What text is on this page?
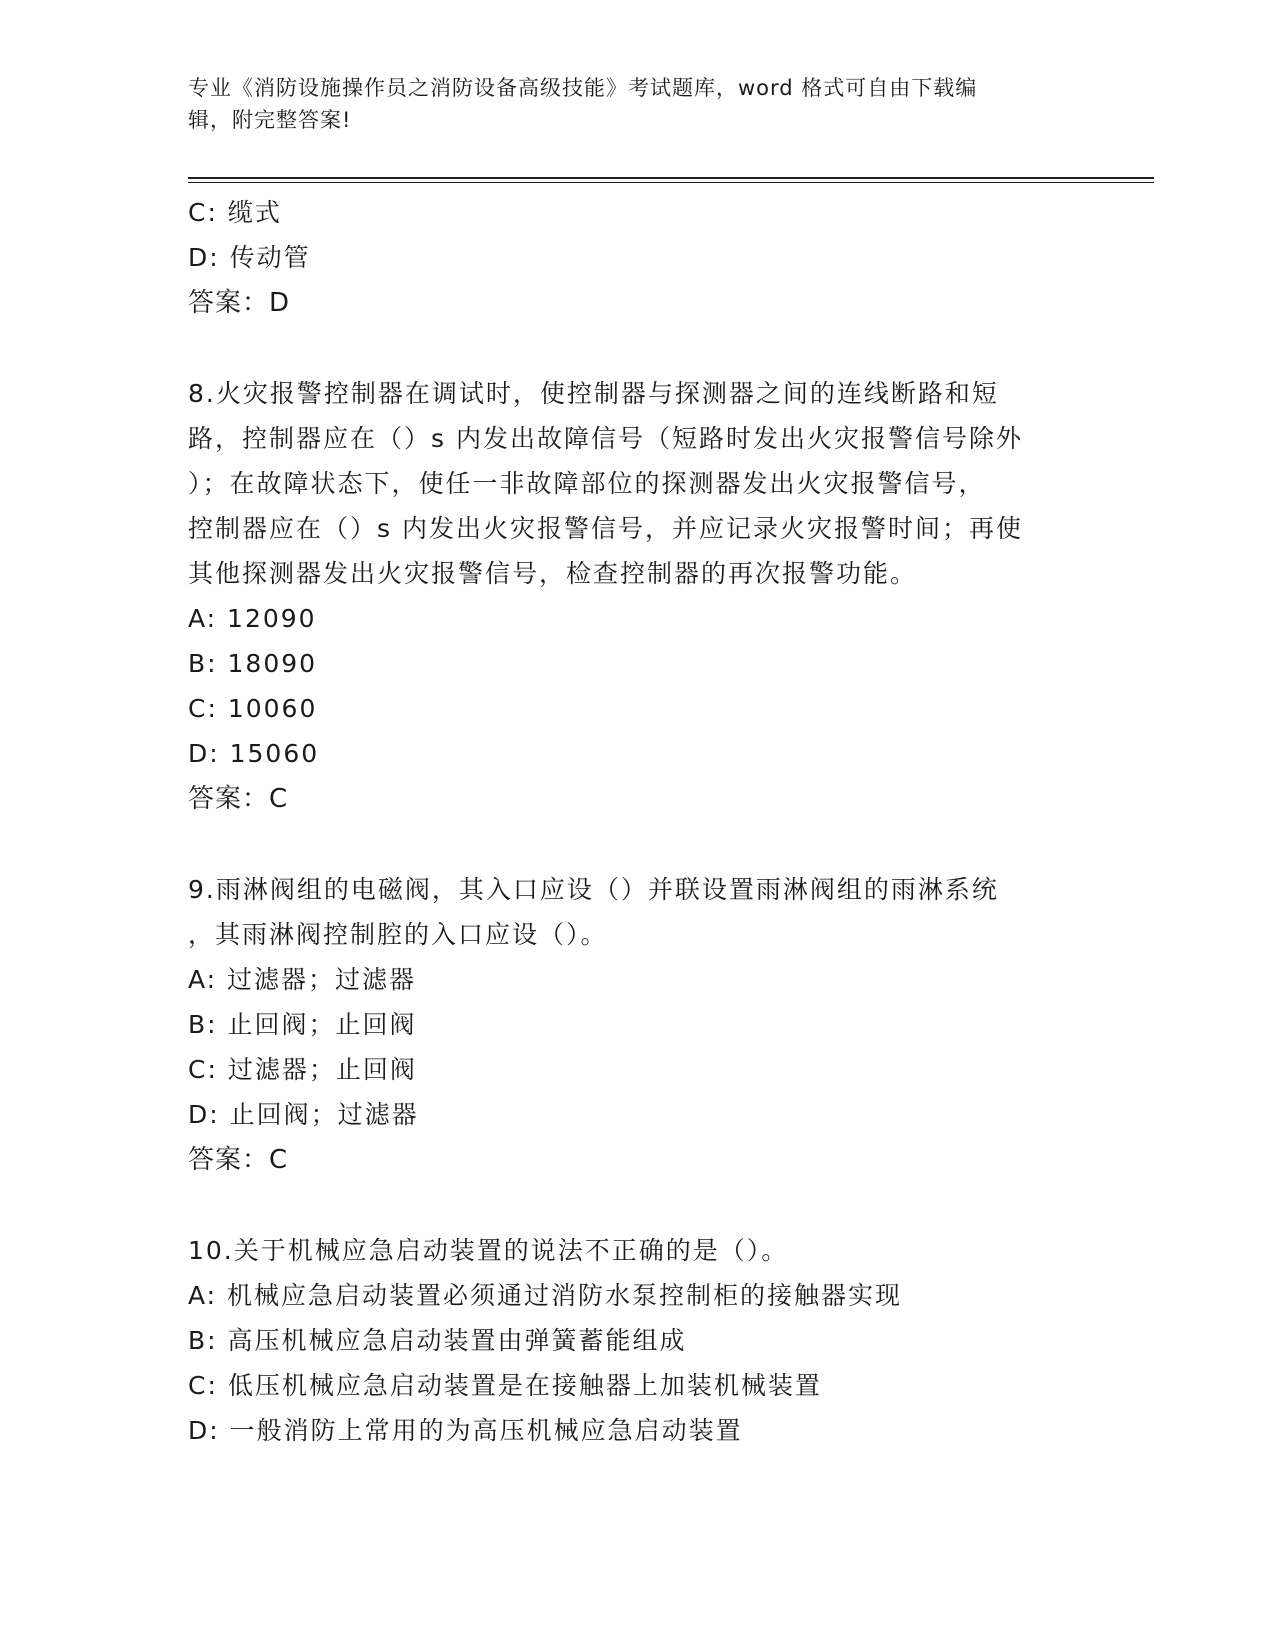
专业《消防设施操作员之消防设备高级技能》考试题库，word 格式可自由下载编
辑，附完整答案!
C: 缆式
D: 传动管
答案：D
8.火灾报警控制器在调试时，使控制器与探测器之间的连线断路和短
路，控制器应在（）s 内发出故障信号（短路时发出火灾报警信号除外
）；在故障状态下，使任一非故障部位的探测器发出火灾报警信号，
控制器应在（）s 内发出火灾报警信号，并应记录火灾报警时间；再使
其他探测器发出火灾报警信号，检查控制器的再次报警功能。
A: 12090
B: 18090
C: 10060
D: 15060
答案：C
9.雨淋阀组的电磁阀，其入口应设（）并联设置雨淋阀组的雨淋系统
，其雨淋阀控制腔的入口应设（）。
A: 过滤器；过滤器
B: 止回阀；止回阀
C: 过滤器；止回阀
D: 止回阀；过滤器
答案：C
10.关于机械应急启动装置的说法不正确的是（）。
A: 机械应急启动装置必须通过消防水泵控制柜的接触器实现
B: 高压机械应急启动装置由弹簧蓄能组成
C: 低压机械应急启动装置是在接触器上加装机械装置
D: 一般消防上常用的为高压机械应急启动装置
